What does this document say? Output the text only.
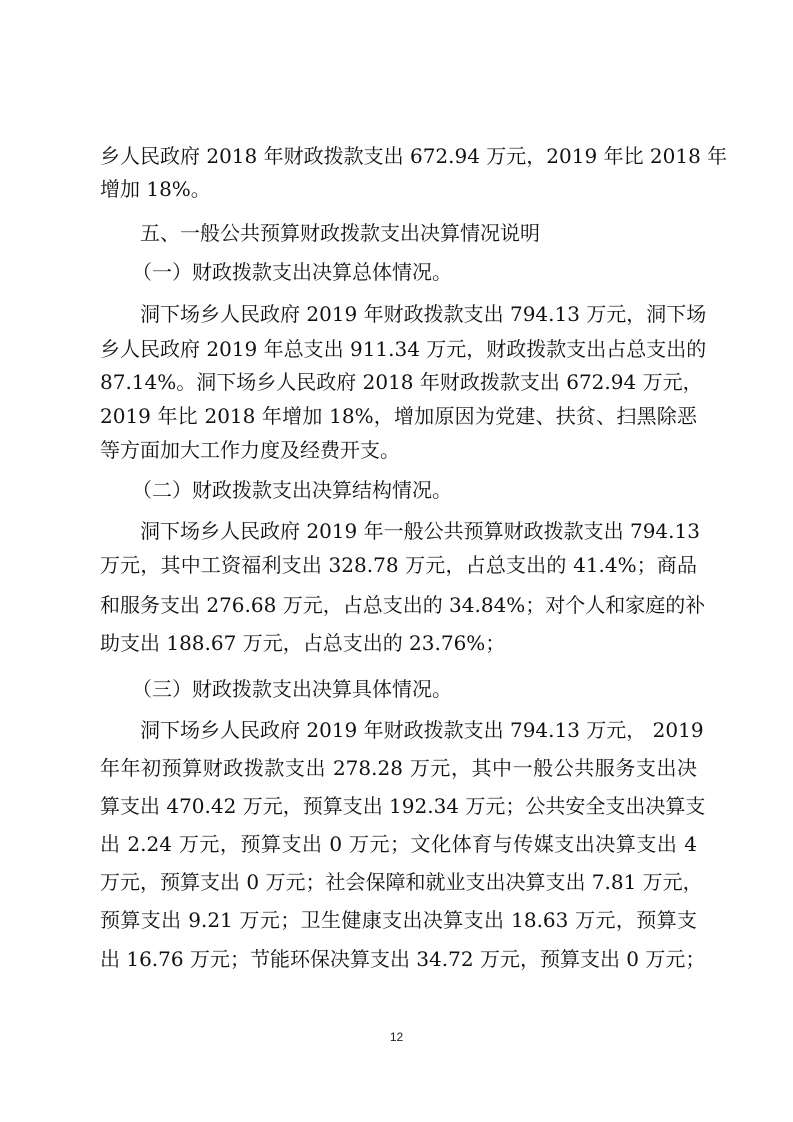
乡人民政府 2018 年财政拨款支出 672.94 万元，2019 年比 2018 年
增加 18%。
五、一般公共预算财政拨款支出决算情况说明
（一）财政拨款支出决算总体情况。
洞下场乡人民政府 2019 年财政拨款支出 794.13 万元，洞下场
乡人民政府 2019 年总支出 911.34 万元，财政拨款支出占总支出的
87.14%。洞下场乡人民政府 2018 年财政拨款支出 672.94 万元，
2019 年比 2018 年增加 18%，增加原因为党建、扶贫、扫黑除恶
等方面加大工作力度及经费开支。
（二）财政拨款支出决算结构情况。
洞下场乡人民政府 2019 年一般公共预算财政拨款支出 794.13
万元，其中工资福利支出 328.78 万元，占总支出的 41.4%；商品
和服务支出 276.68 万元，占总支出的 34.84%；对个人和家庭的补
助支出 188.67 万元，占总支出的 23.76%；
（三）财政拨款支出决算具体情况。
洞下场乡人民政府 2019 年财政拨款支出 794.13 万元， 2019
年年初预算财政拨款支出 278.28 万元，其中一般公共服务支出决
算支出 470.42 万元，预算支出 192.34 万元；公共安全支出决算支
出 2.24 万元，预算支出 0 万元；文化体育与传媒支出决算支出 4
万元，预算支出 0 万元；社会保障和就业支出决算支出 7.81 万元，
预算支出 9.21 万元；卫生健康支出决算支出 18.63 万元，预算支
出 16.76 万元；节能环保决算支出 34.72 万元，预算支出 0 万元；
12
